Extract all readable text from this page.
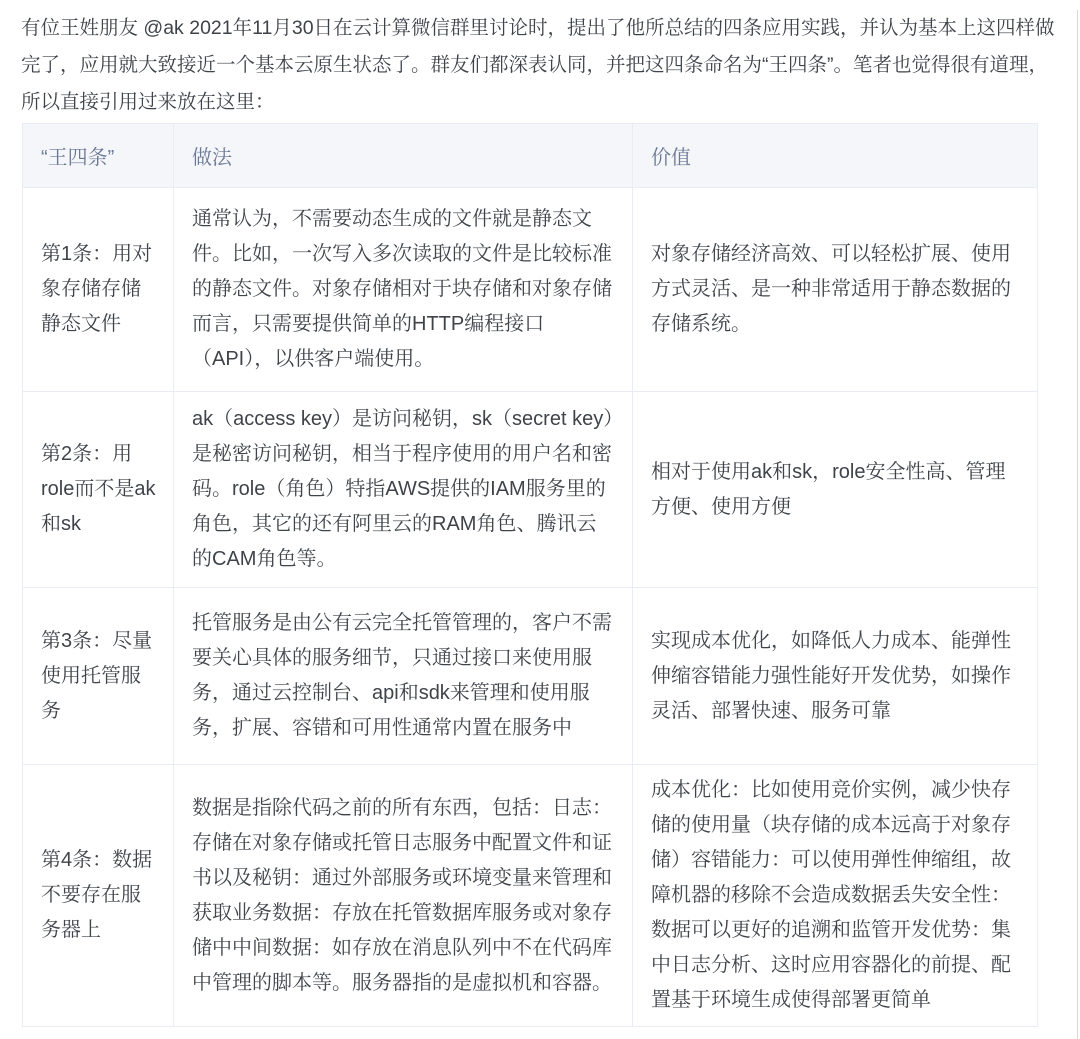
有位王姓朋友 @ak 2021年11月30日在云计算微信群里讨论时，提出了他所总结的四条应用实践，并认为基本上这四样做完了，应用就大致接近一个基本云原生状态了。群友们都深表认同，并把这四条命名为“王四条”。笔者也觉得很有道理，所以直接引用过来放在这里：

“王四条”	做法	价值
第1条：用对象存储存储静态文件	通常认为，不需要动态生成的文件就是静态文件。比如，一次写入多次读取的文件是比较标准的静态文件。对象存储相对于块存储和对象存储而言，只需要提供简单的HTTP编程接口（API），以供客户端使用。	对象存储经济高效、可以轻松扩展、使用方式灵活、是一种非常适用于静态数据的存储系统。
第2条：用role而不是ak和sk	ak（access key）是访问秘钥，sk（secret key）是秘密访问秘钥，相当于程序使用的用户名和密码。role（角色）特指AWS提供的IAM服务里的角色，其它的还有阿里云的RAM角色、腾讯云的CAM角色等。	相对于使用ak和sk，role安全性高、管理方便、使用方便
第3条：尽量使用托管服务	托管服务是由公有云完全托管管理的，客户不需要关心具体的服务细节，只通过接口来使用服务，通过云控制台、api和sdk来管理和使用服务，扩展、容错和可用性通常内置在服务中	实现成本优化，如降低人力成本、能弹性伸缩容错能力强性能好开发优势，如操作灵活、部署快速、服务可靠
第4条：数据不要存在服务器上	数据是指除代码之前的所有东西，包括：日志：存储在对象存储或托管日志服务中配置文件和证书以及秘钥：通过外部服务或环境变量来管理和获取业务数据：存放在托管数据库服务或对象存储中中间数据：如存放在消息队列中不在代码库中管理的脚本等。服务器指的是虚拟机和容器。	成本优化：比如使用竞价实例，减少快存储的使用量（块存储的成本远高于对象存储）容错能力：可以使用弹性伸缩组，故障机器的移除不会造成数据丢失安全性：数据可以更好的追溯和监管开发优势：集中日志分析、这时应用容器化的前提、配置基于环境生成使得部署更简单
